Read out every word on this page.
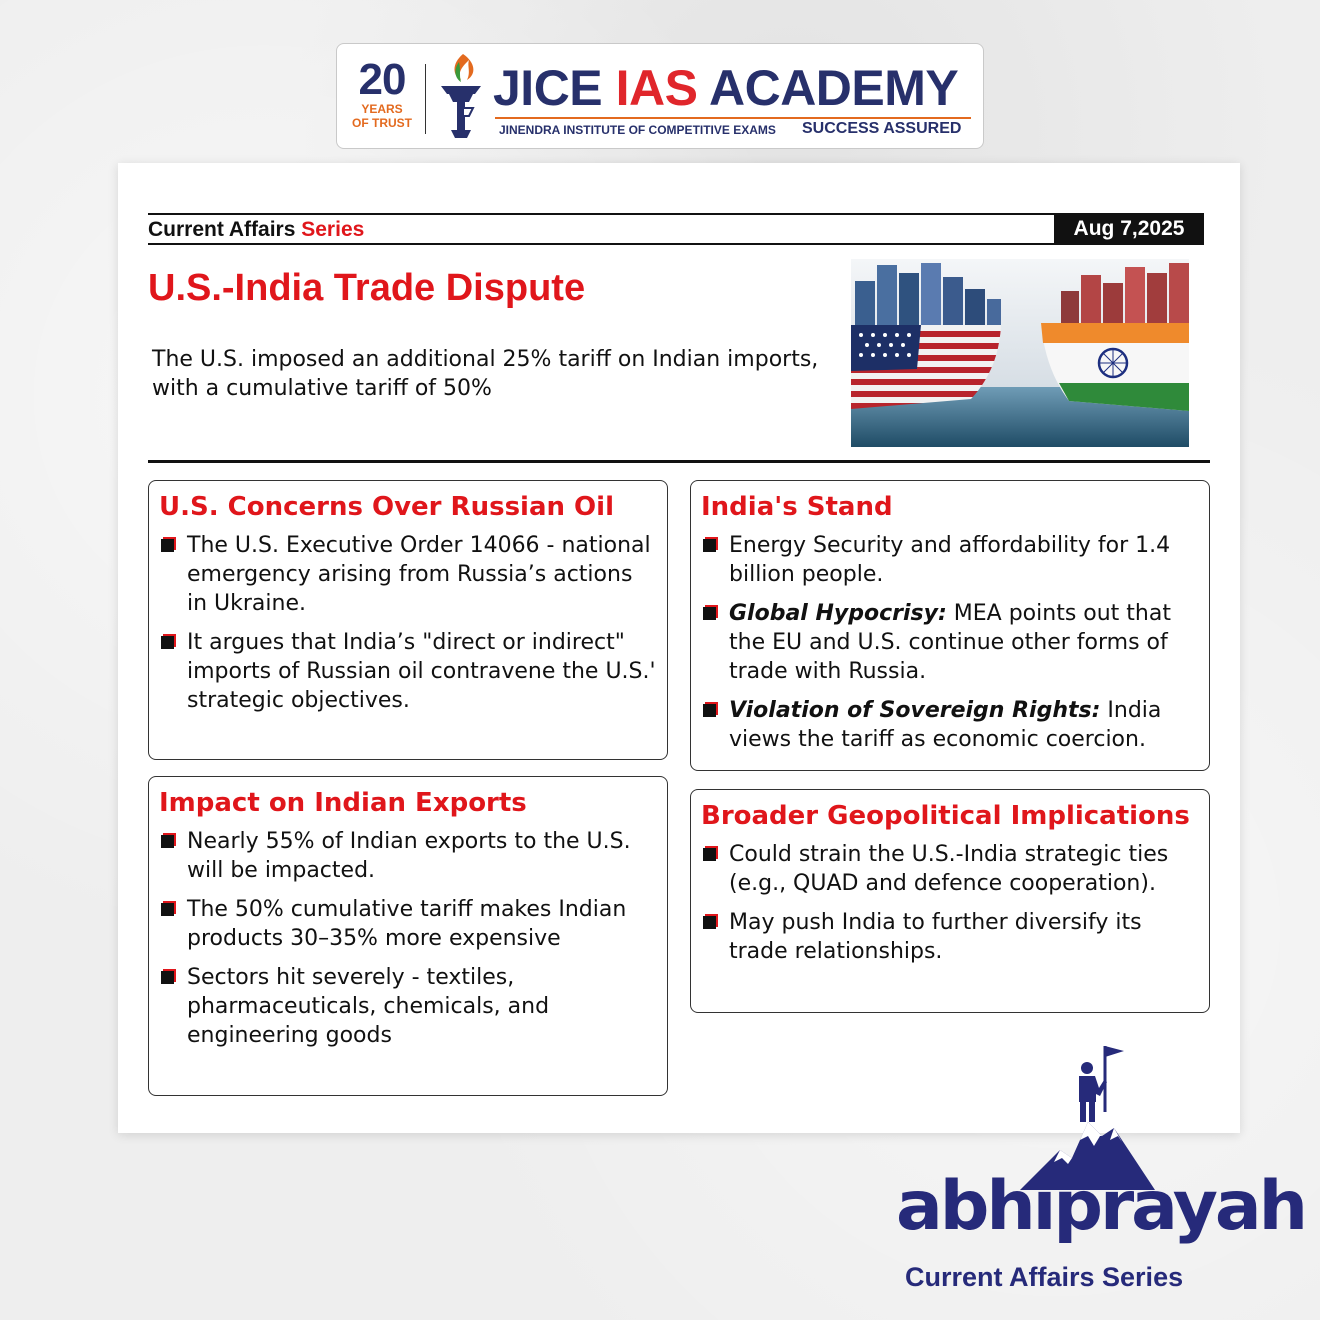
20
YEARS
OF TRUST
JICE IAS ACADEMY
JINENDRA INSTITUTE OF COMPETITIVE EXAMS SUCCESS ASSURED
Current Affairs Series	Aug 7,2025
U.S.-India Trade Dispute

The U.S. imposed an additional 25% tariff on Indian imports, with a cumulative tariff of 50%

U.S. Concerns Over Russian Oil
The U.S. Executive Order 14066 - national emergency arising from Russia’s actions in Ukraine.
It argues that India’s "direct or indirect" imports of Russian oil contravene the U.S.' strategic objectives.
Impact on Indian Exports
Nearly 55% of Indian exports to the U.S. will be impacted.
The 50% cumulative tariff makes Indian products 30–35% more expensive
Sectors hit severely - textiles, pharmaceuticals, chemicals, and engineering goods
India's Stand
Energy Security and affordability for 1.4 billion people.
Global Hypocrisy: MEA points out that the EU and U.S. continue other forms of trade with Russia.
Violation of Sovereign Rights: India views the tariff as economic coercion.
Broader Geopolitical Implications
Could strain the U.S.-India strategic ties (e.g., QUAD and defence cooperation).
May push India to further diversify its trade relationships.
abhiprayah
Current Affairs Series
